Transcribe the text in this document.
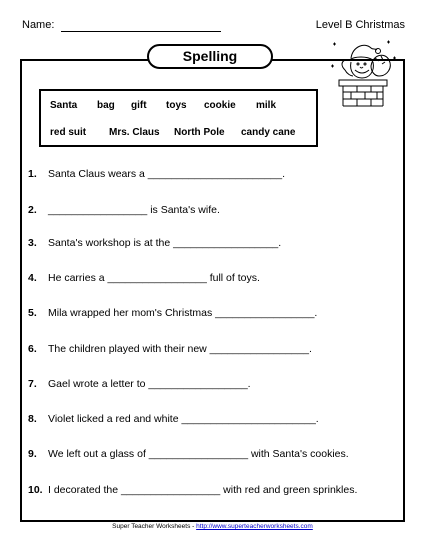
Name:	Level B Christmas
Spelling
Santa bag gift toys cookie milk
red suit Mrs. Claus North Pole candy cane
1. Santa Claus wears a _______________________.
2. _________________ is Santa's wife.
3. Santa's workshop is at the __________________.
4. He carries a _________________ full of toys.
5. Mila wrapped her mom's Christmas _________________.
6. The children played with their new _________________.
7. Gael wrote a letter to _________________.
8. Violet licked a red and white _______________________.
9. We left out a glass of _________________ with Santa's cookies.
10. I decorated the _________________ with red and green sprinkles.
Super Teacher Worksheets - http://www.superteacherworksheets.com
